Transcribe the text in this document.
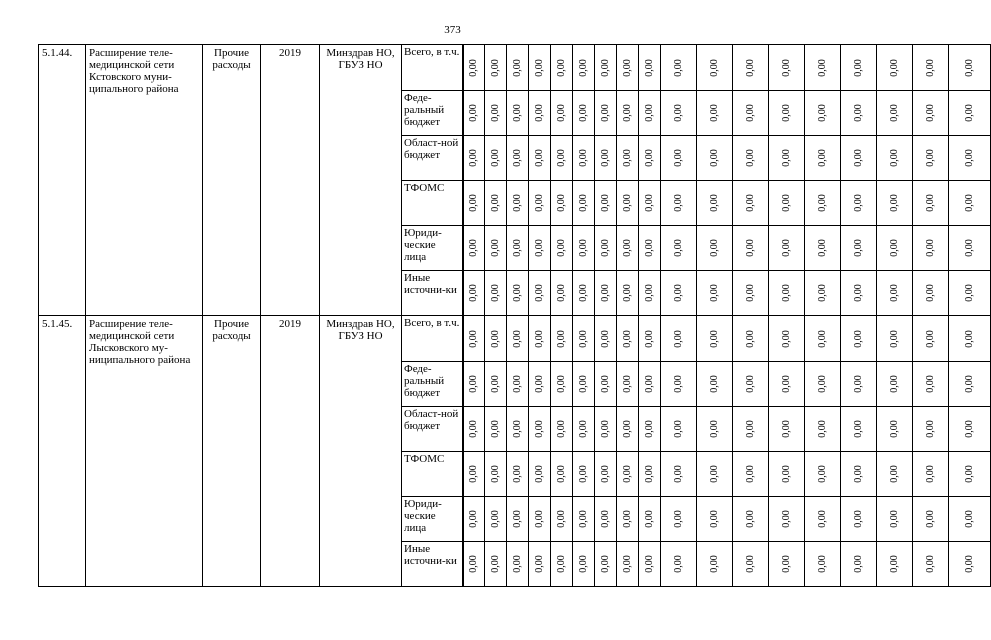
373
5.1.44.	Расширение теле-медицинской сети Кстовского муни-ципального района	Прочие расходы	2019	Минздрав НО, ГБУЗ НО	Всего, в т.ч.	0,00	0,00	0,00	0,00	0,00	0,00	0,00	0,00	0,00	0,00	0,00	0,00	0,00	0,00	0,00	0,00	0,00	0,00

					Феде-ральный бюджет	0,00	0,00	0,00	0,00	0,00	0,00	0,00	0,00	0,00	0,00	0,00	0,00	0,00	0,00	0,00	0,00	0,00	0,00

					Област-ной бюджет	0,00	0,00	0,00	0,00	0,00	0,00	0,00	0,00	0,00	0,00	0,00	0,00	0,00	0,00	0,00	0,00	0,00	0,00

					ТФОМС	0,00	0,00	0,00	0,00	0,00	0,00	0,00	0,00	0,00	0,00	0,00	0,00	0,00	0,00	0,00	0,00	0,00	0,00

					Юриди-ческие лица	0,00	0,00	0,00	0,00	0,00	0,00	0,00	0,00	0,00	0,00	0,00	0,00	0,00	0,00	0,00	0,00	0,00	0,00

					Иные источни-ки	0,00	0,00	0,00	0,00	0,00	0,00	0,00	0,00	0,00	0,00	0,00	0,00	0,00	0,00	0,00	0,00	0,00	0,00

5.1.45.	Расширение теле-медицинской сети Лысковского му-ниципального района	Прочие расходы	2019	Минздрав НО, ГБУЗ НО	Всего, в т.ч.	0,00	0,00	0,00	0,00	0,00	0,00	0,00	0,00	0,00	0,00	0,00	0,00	0,00	0,00	0,00	0,00	0,00	0,00

					Феде-ральный бюджет	0,00	0,00	0,00	0,00	0,00	0,00	0,00	0,00	0,00	0,00	0,00	0,00	0,00	0,00	0,00	0,00	0,00	0,00

					Област-ной бюджет	0,00	0,00	0,00	0,00	0,00	0,00	0,00	0,00	0,00	0,00	0,00	0,00	0,00	0,00	0,00	0,00	0,00	0,00

					ТФОМС	0,00	0,00	0,00	0,00	0,00	0,00	0,00	0,00	0,00	0,00	0,00	0,00	0,00	0,00	0,00	0,00	0,00	0,00

					Юриди-ческие лица	0,00	0,00	0,00	0,00	0,00	0,00	0,00	0,00	0,00	0,00	0,00	0,00	0,00	0,00	0,00	0,00	0,00	0,00

					Иные источни-ки	0,00	0,00	0,00	0,00	0,00	0,00	0,00	0,00	0,00	0,00	0,00	0,00	0,00	0,00	0,00	0,00	0,00	0,00
